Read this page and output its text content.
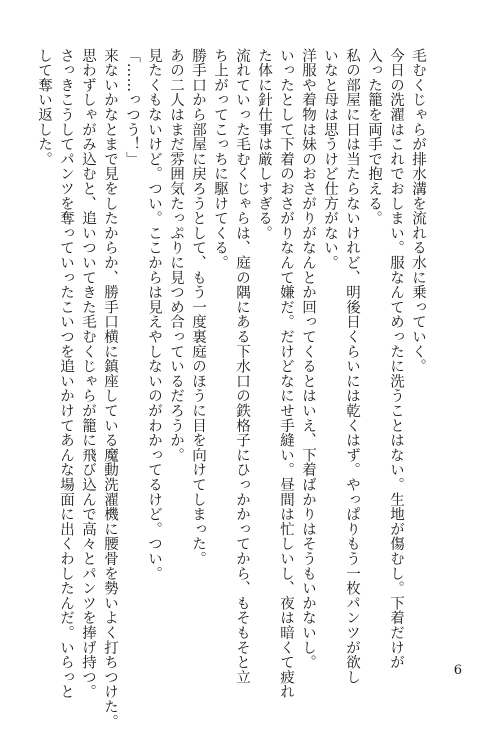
毛むくじゃらが排水溝を流れる水に乗っていく。
今日の洗濯はこれでおしまい。服なんてめったに洗うことはない。生地が傷むし。下着だけが
入った籠を両手で抱える。
私の部屋に日は当たらないけれど、明後日くらいには乾くはず。やっぱりもう一枚パンツが欲し
いなと母は思うけど仕方がない。
洋服や着物は妹のおさがりがなんとか回ってくるとはいえ、下着ばかりはそうもいかないし。
いったとして下着のおさがりなんて嫌だ。だけどなにせ手縫い。昼間は忙しいし、夜は暗くて疲れ
た体に針仕事は厳しすぎる。
流れていった毛むくじゃらは、庭の隅にある下水口の鉄格子にひっかかってから、もそもそと立
ち上がってこっちに駆けてくる。
勝手口から部屋に戻ろうとして、もう一度裏庭のほうに目を向けてしまった。
あの二人はまだ雰囲気たっぷりに見つめ合っているだろうか。
見たくもないけど。つい。ここからは見えやしないのがわかってるけど。つい。
「……っつう！」
来ないかなとまで見をしたからか、勝手口横に鎮座している魔動洗濯機に腰骨を勢いよく打ちつけた。
思わずしゃがみ込むと、追いついてきた毛むくじゃらが籠に飛び込んで高々とパンツを捧げ持つ。
さっきこうしてパンツを奪っていったこいつを追いかけてあんな場面に出くわしたんだ。いらっと
して奪い返した。
6
